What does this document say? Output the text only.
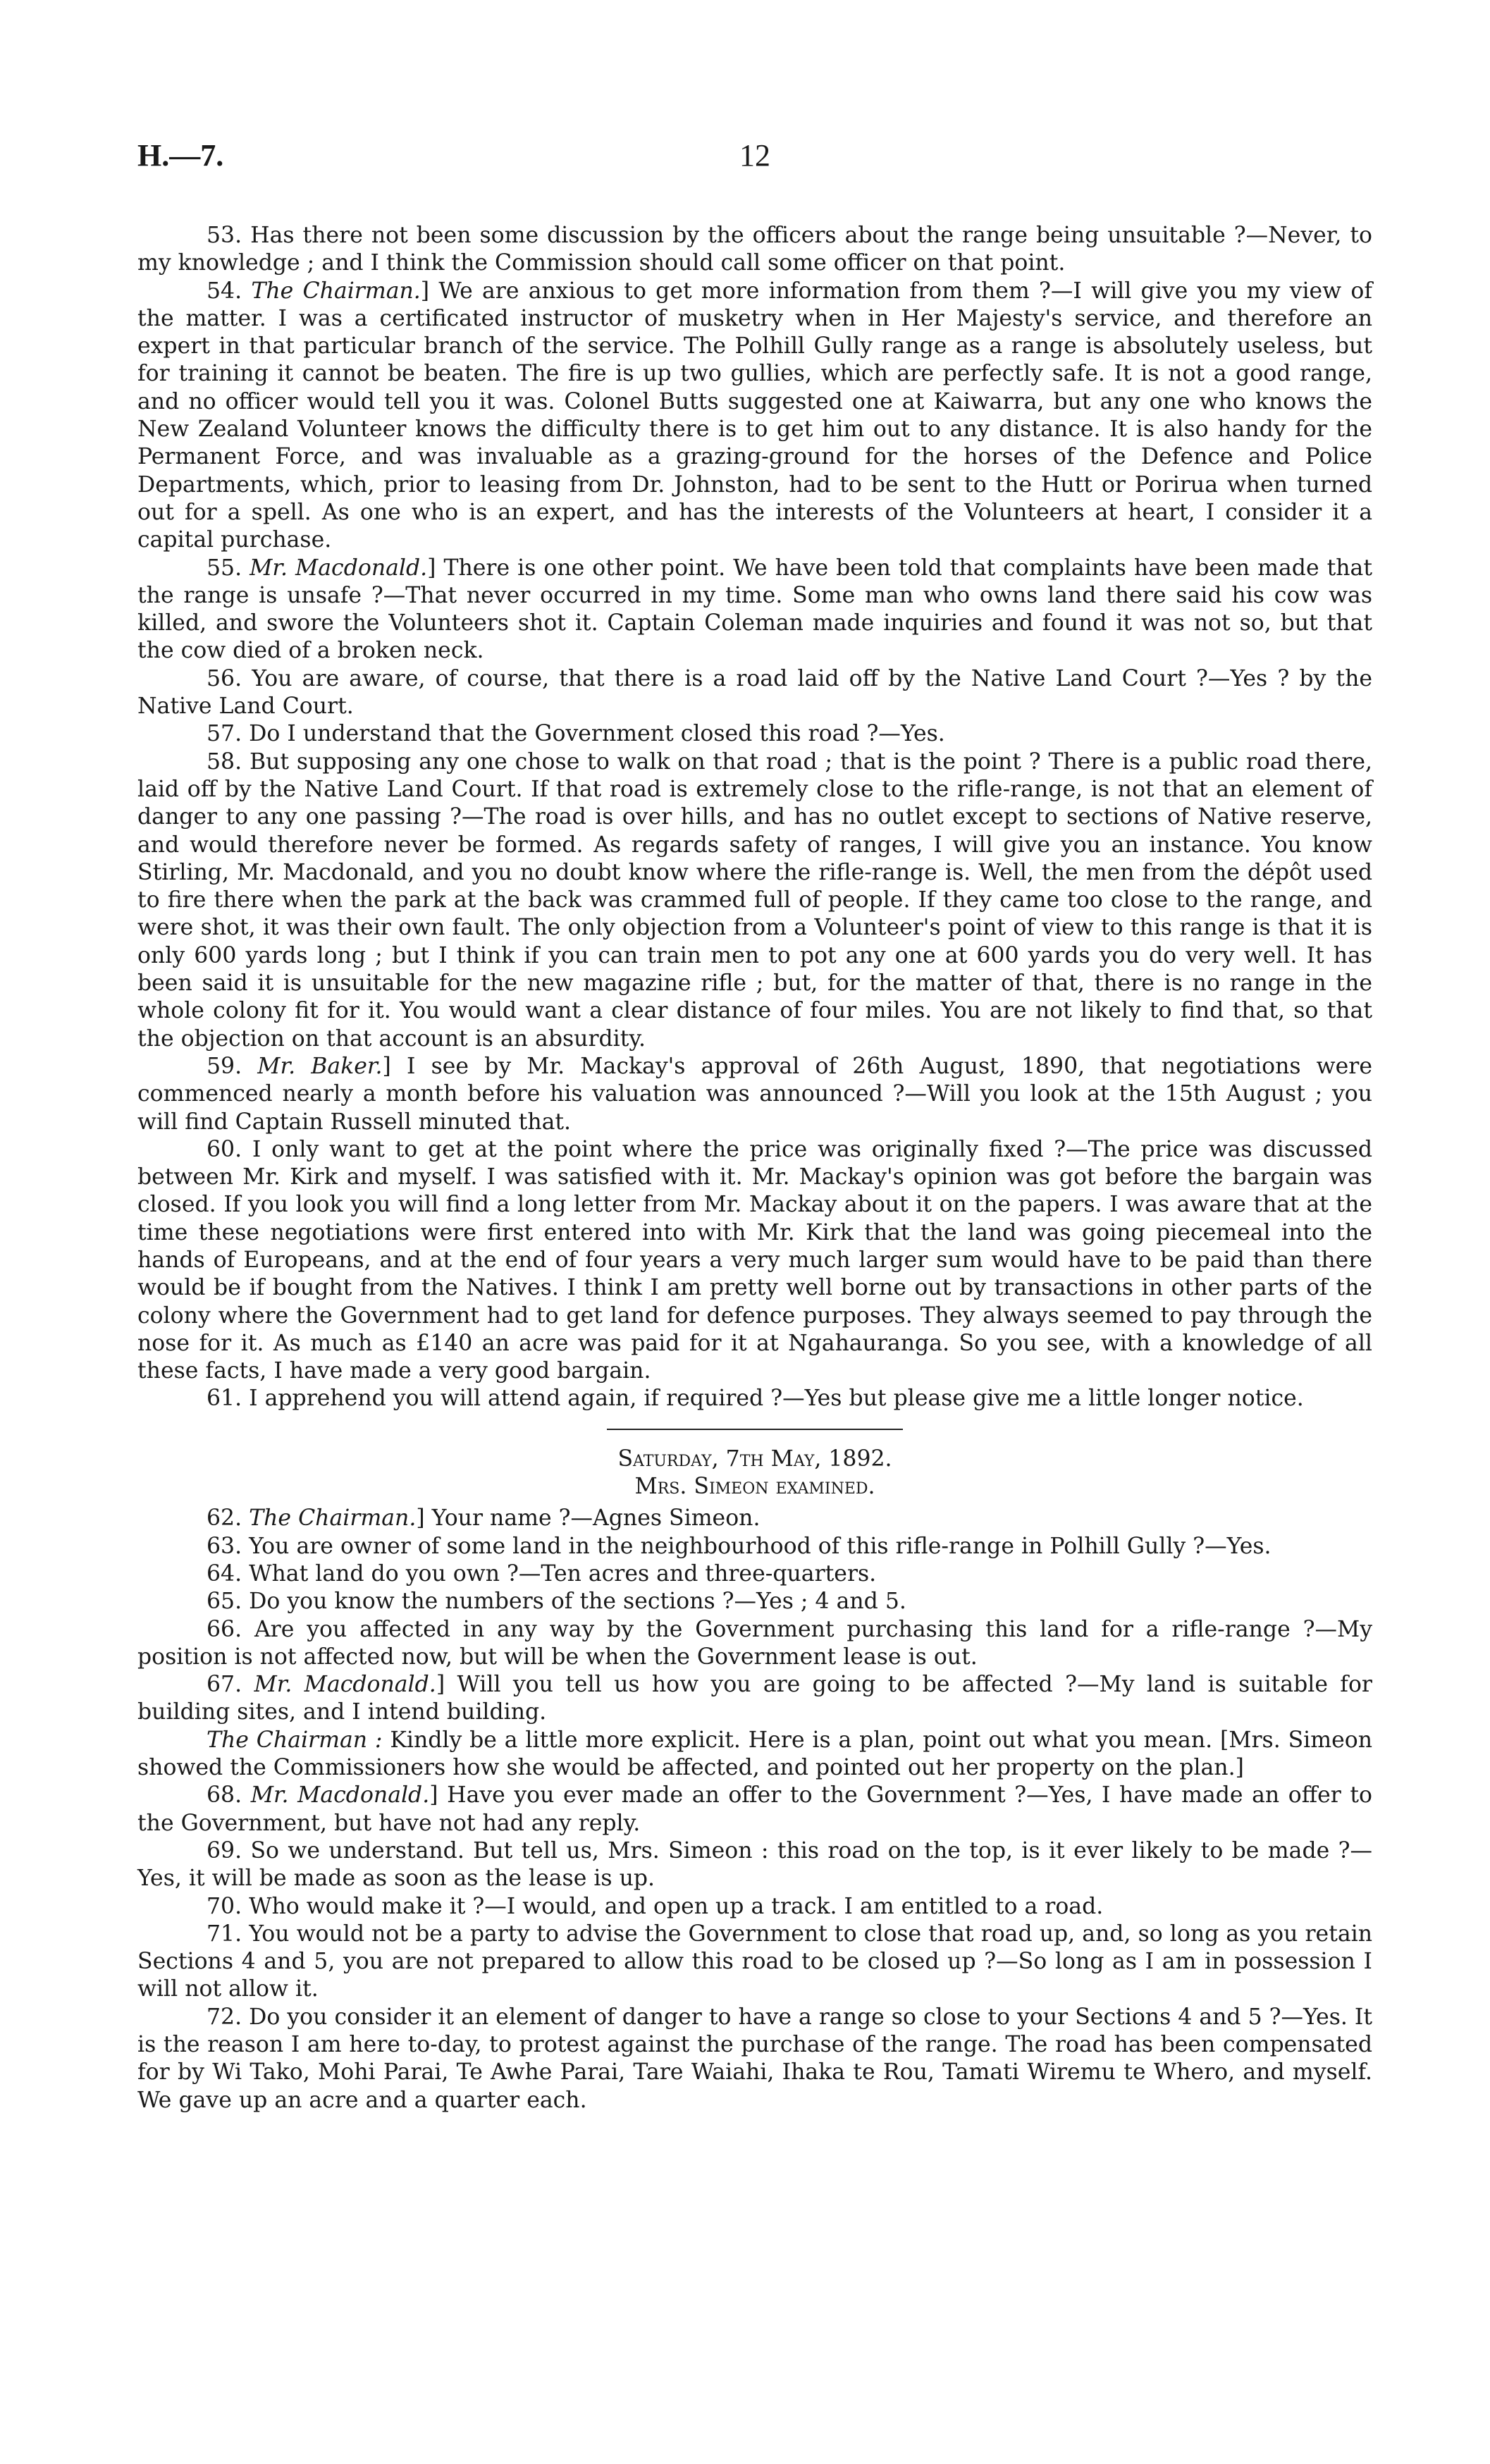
H.—7.	12

53. Has there not been some discussion by the officers about the range being unsuitable ?—Never, to my knowledge ; and I think the Commission should call some officer on that point.

54. The Chairman.] We are anxious to get more information from them ?—I will give you my view of the matter. I was a certificated instructor of musketry when in Her Majesty's service, and therefore an expert in that particular branch of the service. The Polhill Gully range as a range is absolutely useless, but for training it cannot be beaten. The fire is up two gullies, which are perfectly safe. It is not a good range, and no officer would tell you it was. Colonel Butts suggested one at Kaiwarra, but any one who knows the New Zealand Volunteer knows the difficulty there is to get him out to any distance. It is also handy for the Permanent Force, and was invaluable as a grazing-ground for the horses of the Defence and Police Departments, which, prior to leasing from Dr. Johnston, had to be sent to the Hutt or Porirua when turned out for a spell. As one who is an expert, and has the interests of the Volunteers at heart, I consider it a capital purchase.

55. Mr. Macdonald.] There is one other point. We have been told that complaints have been made that the range is unsafe ?—That never occurred in my time. Some man who owns land there said his cow was killed, and swore the Volunteers shot it. Captain Coleman made inquiries and found it was not so, but that the cow died of a broken neck.

56. You are aware, of course, that there is a road laid off by the Native Land Court ?—Yes ? by the Native Land Court.

57. Do I understand that the Government closed this road ?—Yes.

58. But supposing any one chose to walk on that road ; that is the point ? There is a public road there, laid off by the Native Land Court. If that road is extremely close to the rifle-range, is not that an element of danger to any one passing ?—The road is over hills, and has no outlet except to sections of Native reserve, and would therefore never be formed. As regards safety of ranges, I will give you an instance. You know Stirling, Mr. Macdonald, and you no doubt know where the rifle-range is. Well, the men from the dépôt used to fire there when the park at the back was crammed full of people. If they came too close to the range, and were shot, it was their own fault. The only objection from a Volunteer's point of view to this range is that it is only 600 yards long ; but I think if you can train men to pot any one at 600 yards you do very well. It has been said it is unsuitable for the new magazine rifle ; but, for the matter of that, there is no range in the whole colony fit for it. You would want a clear distance of four miles. You are not likely to find that, so that the objection on that account is an absurdity.

59. Mr. Baker.] I see by Mr. Mackay's approval of 26th August, 1890, that negotiations were commenced nearly a month before his valuation was announced ?—Will you look at the 15th August ; you will find Captain Russell minuted that.

60. I only want to get at the point where the price was originally fixed ?—The price was discussed between Mr. Kirk and myself. I was satisfied with it. Mr. Mackay's opinion was got before the bargain was closed. If you look you will find a long letter from Mr. Mackay about it on the papers. I was aware that at the time these negotiations were first entered into with Mr. Kirk that the land was going piecemeal into the hands of Europeans, and at the end of four years a very much larger sum would have to be paid than there would be if bought from the Natives. I think I am pretty well borne out by transactions in other parts of the colony where the Government had to get land for defence purposes. They always seemed to pay through the nose for it. As much as £140 an acre was paid for it at Ngahauranga. So you see, with a knowledge of all these facts, I have made a very good bargain.

61. I apprehend you will attend again, if required ?—Yes but please give me a little longer notice.

Saturday, 7th May, 1892.

Mrs. Simeon examined.

62. The Chairman.] Your name ?—Agnes Simeon.

63. You are owner of some land in the neighbourhood of this rifle-range in Polhill Gully ?—Yes.

64. What land do you own ?—Ten acres and three-quarters.

65. Do you know the numbers of the sections ?—Yes ; 4 and 5.

66. Are you affected in any way by the Government purchasing this land for a rifle-range ?—My position is not affected now, but will be when the Government lease is out.

67. Mr. Macdonald.] Will you tell us how you are going to be affected ?—My land is suitable for building sites, and I intend building.

The Chairman : Kindly be a little more explicit. Here is a plan, point out what you mean. [Mrs. Simeon showed the Commissioners how she would be affected, and pointed out her property on the plan.]

68. Mr. Macdonald.] Have you ever made an offer to the Government ?—Yes, I have made an offer to the Government, but have not had any reply.

69. So we understand. But tell us, Mrs. Simeon : this road on the top, is it ever likely to be made ?—Yes, it will be made as soon as the lease is up.

70. Who would make it ?—I would, and open up a track. I am entitled to a road.

71. You would not be a party to advise the Government to close that road up, and, so long as you retain Sections 4 and 5, you are not prepared to allow this road to be closed up ?—So long as I am in possession I will not allow it.

72. Do you consider it an element of danger to have a range so close to your Sections 4 and 5 ?—Yes. It is the reason I am here to-day, to protest against the purchase of the range. The road has been compensated for by Wi Tako, Mohi Parai, Te Awhe Parai, Tare Waiahi, Ihaka te Rou, Tamati Wiremu te Whero, and myself. We gave up an acre and a quarter each.
